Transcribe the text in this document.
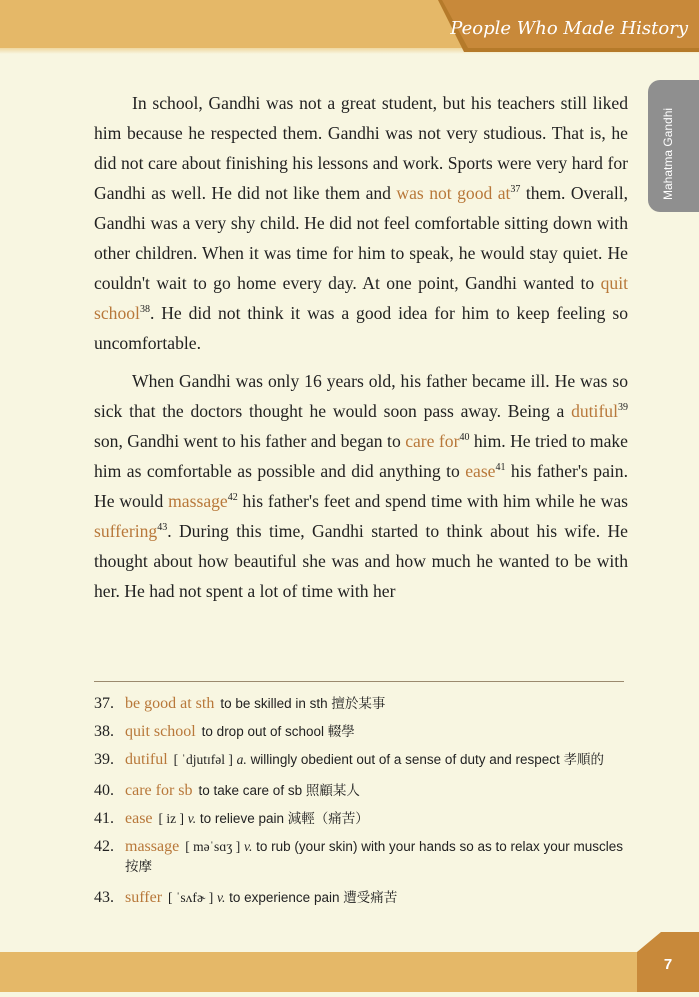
People Who Made History
Mahatma Gandhi

In school, Gandhi was not a great student, but his teachers still liked him because he respected them. Gandhi was not very studious. That is, he did not care about finishing his lessons and work. Sports were very hard for Gandhi as well. He did not like them and was not good $at^{37}$ them. Overall, Gandhi was a very shy child. He did not feel comfortable sitting down with other children. When it was time for him to speak, he would stay quiet. He couldn't wait to go home every day. At one point, Gandhi wanted to quit school$^{38}$. He did not think it was a good idea for him to keep feeling so uncomfortable.

When Gandhi was only 16 years old, his father became ill. He was so sick that the doctors thought he would soon pass away. Being a dutiful$^{39}$ son, Gandhi went to his father and began to care for$^{40}$ him. He tried to make him as comfortable as possible and did anything to ease$^{41}$ his father's pain. He would massage$^{42}$ his father's feet and spend time with him while he was suffering$^{43}$. During this time, Gandhi started to think about his wife. He thought about how beautiful she was and how much he wanted to be with her. He had not spent a lot of time with her

37. be good at sth to be skilled in sth 擅於某事
38. quit school to drop out of school 輟學
39. dutiful [ ˈdjutɪfəl ] a. willingly obedient out of a sense of duty and respect 孝順的
40. care for sb to take care of sb 照顧某人
41. ease [ iz ] v. to relieve pain 減輕（痛苦）
42. massage [ məˈsɑʒ ] v. to rub (your skin) with your hands so as to relax your muscles 按摩
43. suffer [ ˈsʌfɚ ] v. to experience pain 遭受痛苦
7
